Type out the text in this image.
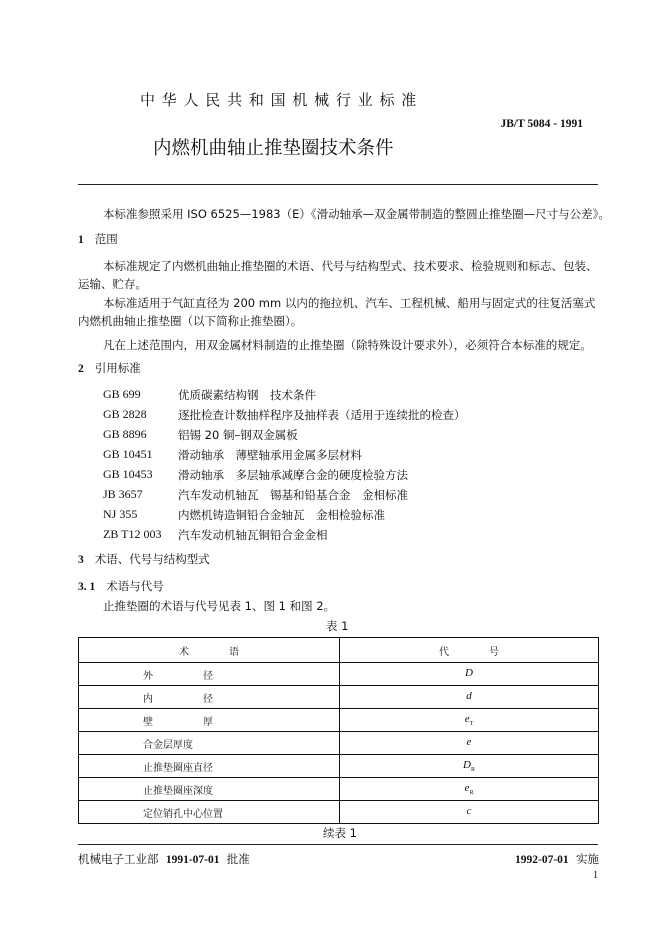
中 华 人 民 共 和 国 机 械 行 业 标 准
JB/T 5084 - 1991
内燃机曲轴止推垫圈技术条件
本标准参照采用 ISO 6525—1983（E）《滑动轴承—双金属带制造的整圆止推垫圈—尺寸与公差》。
1 范围
本标准规定了内燃机曲轴止推垫圈的术语、代号与结构型式、技术要求、检验规则和标志、包装、
运输、贮存。
本标准适用于气缸直径为 200 mm 以内的拖拉机、汽车、工程机械、船用与固定式的往复活塞式
内燃机曲轴止推垫圈（以下简称止推垫圈）。
凡在上述范围内，用双金属材料制造的止推垫圈（除特殊设计要求外），必须符合本标准的规定。
2 引用标准
GB 699	优质碳素结构钢　技术条件
GB 2828	逐批检查计数抽样程序及抽样表（适用于连续批的检查）
GB 8896	铝锡 20 铜–钢双金属板
GB 10451 滑动轴承　薄壁轴承用金属多层材料
GB 10453 滑动轴承　多层轴承减摩合金的硬度检验方法
JB 3657	汽车发动机轴瓦　锡基和铅基合金　金相标准
NJ 355	内燃机铸造铜铅合金轴瓦　金相检验标准
ZB T12 003 汽车发动机轴瓦铜铅合金金相
3 术语、代号与结构型式
3. 1 术语与代号
止推垫圈的术语与代号见表 1、图 1 和图 2。
表 1
术　　　　语	代　　　　号
外　　　　　径	D
内　　　　　径	d
壁　　　　　厚	$e_T$
合金层厚度	e
止推垫圈座直径	$D_R$
止推垫圈座深度	$e_R$
定位销孔中心位置	c
续表 1
机械电子工业部 1991-07-01 批准	1992-07-01 实施
1
